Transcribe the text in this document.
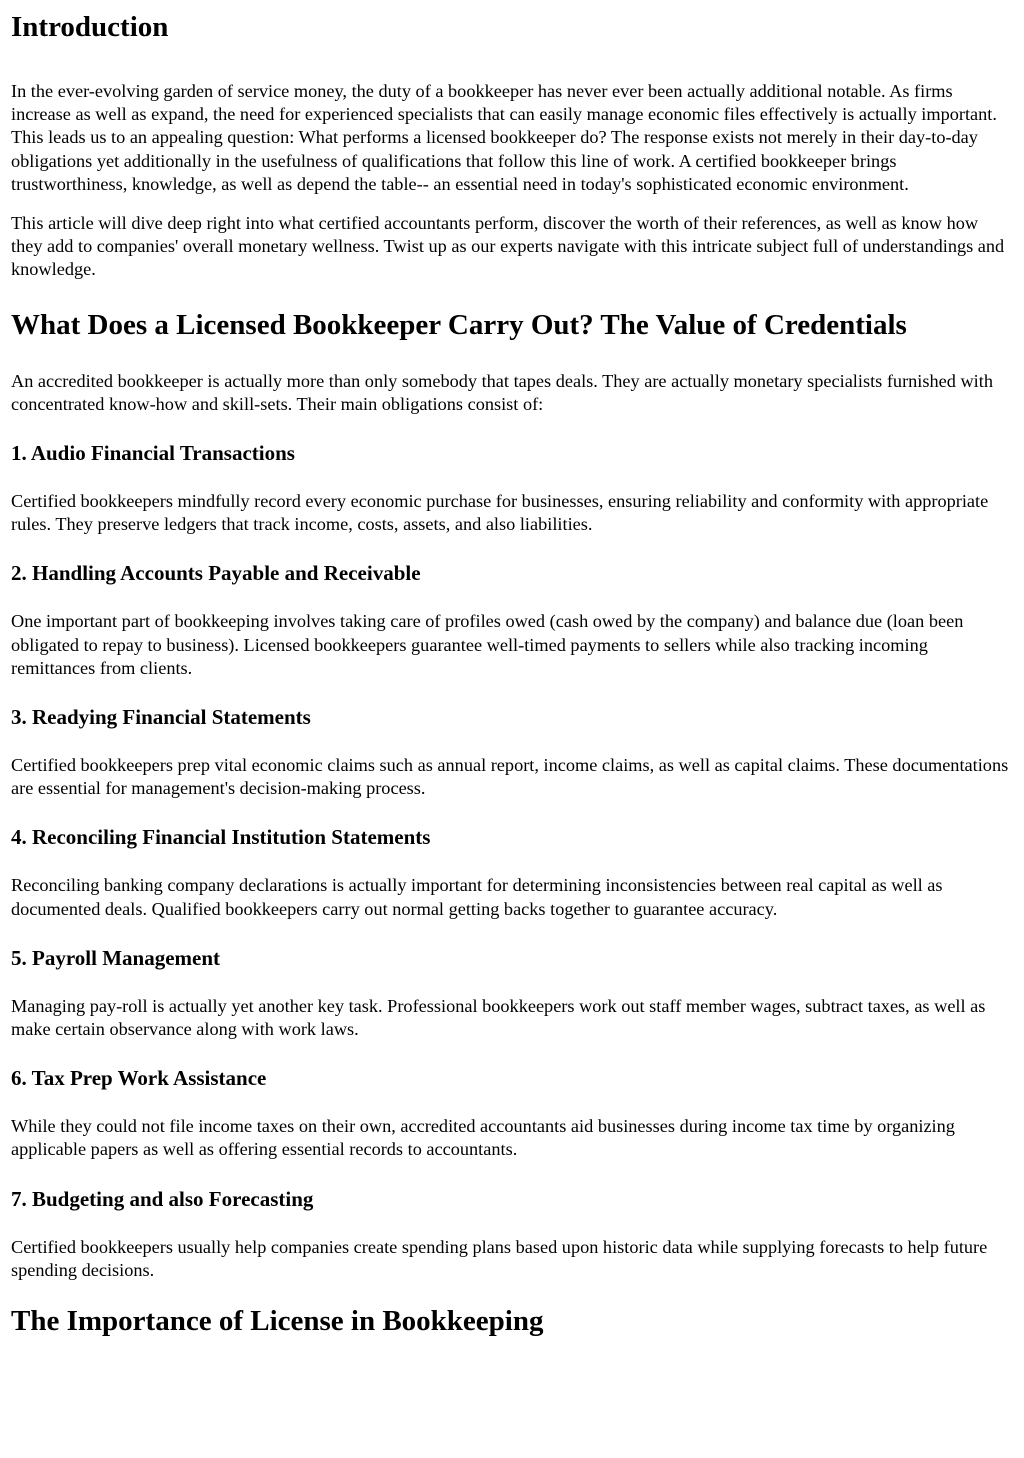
Introduction

In the ever-evolving garden of service money, the duty of a bookkeeper has never ever been actually additional notable. As firms increase as well as expand, the need for experienced specialists that can easily manage economic files effectively is actually important. This leads us to an appealing question: What performs a licensed bookkeeper do? The response exists not merely in their day-to-day obligations yet additionally in the usefulness of qualifications that follow this line of work. A certified bookkeeper brings trustworthiness, knowledge, as well as depend the table-- an essential need in today's sophisticated economic environment.

This article will dive deep right into what certified accountants perform, discover the worth of their references, as well as know how they add to companies' overall monetary wellness. Twist up as our experts navigate with this intricate subject full of understandings and knowledge.

What Does a Licensed Bookkeeper Carry Out? The Value of Credentials

An accredited bookkeeper is actually more than only somebody that tapes deals. They are actually monetary specialists furnished with concentrated know-how and skill-sets. Their main obligations consist of:

1. Audio Financial Transactions

Certified bookkeepers mindfully record every economic purchase for businesses, ensuring reliability and conformity with appropriate rules. They preserve ledgers that track income, costs, assets, and also liabilities.

2. Handling Accounts Payable and Receivable

One important part of bookkeeping involves taking care of profiles owed (cash owed by the company) and balance due (loan been obligated to repay to business). Licensed bookkeepers guarantee well-timed payments to sellers while also tracking incoming remittances from clients.

3. Readying Financial Statements

Certified bookkeepers prep vital economic claims such as annual report, income claims, as well as capital claims. These documentations are essential for management's decision-making process.

4. Reconciling Financial Institution Statements

Reconciling banking company declarations is actually important for determining inconsistencies between real capital as well as documented deals. Qualified bookkeepers carry out normal getting backs together to guarantee accuracy.

5. Payroll Management

Managing pay-roll is actually yet another key task. Professional bookkeepers work out staff member wages, subtract taxes, as well as make certain observance along with work laws.

6. Tax Prep Work Assistance

While they could not file income taxes on their own, accredited accountants aid businesses during income tax time by organizing applicable papers as well as offering essential records to accountants.

7. Budgeting and also Forecasting

Certified bookkeepers usually help companies create spending plans based upon historic data while supplying forecasts to help future spending decisions.

The Importance of License in Bookkeeping
